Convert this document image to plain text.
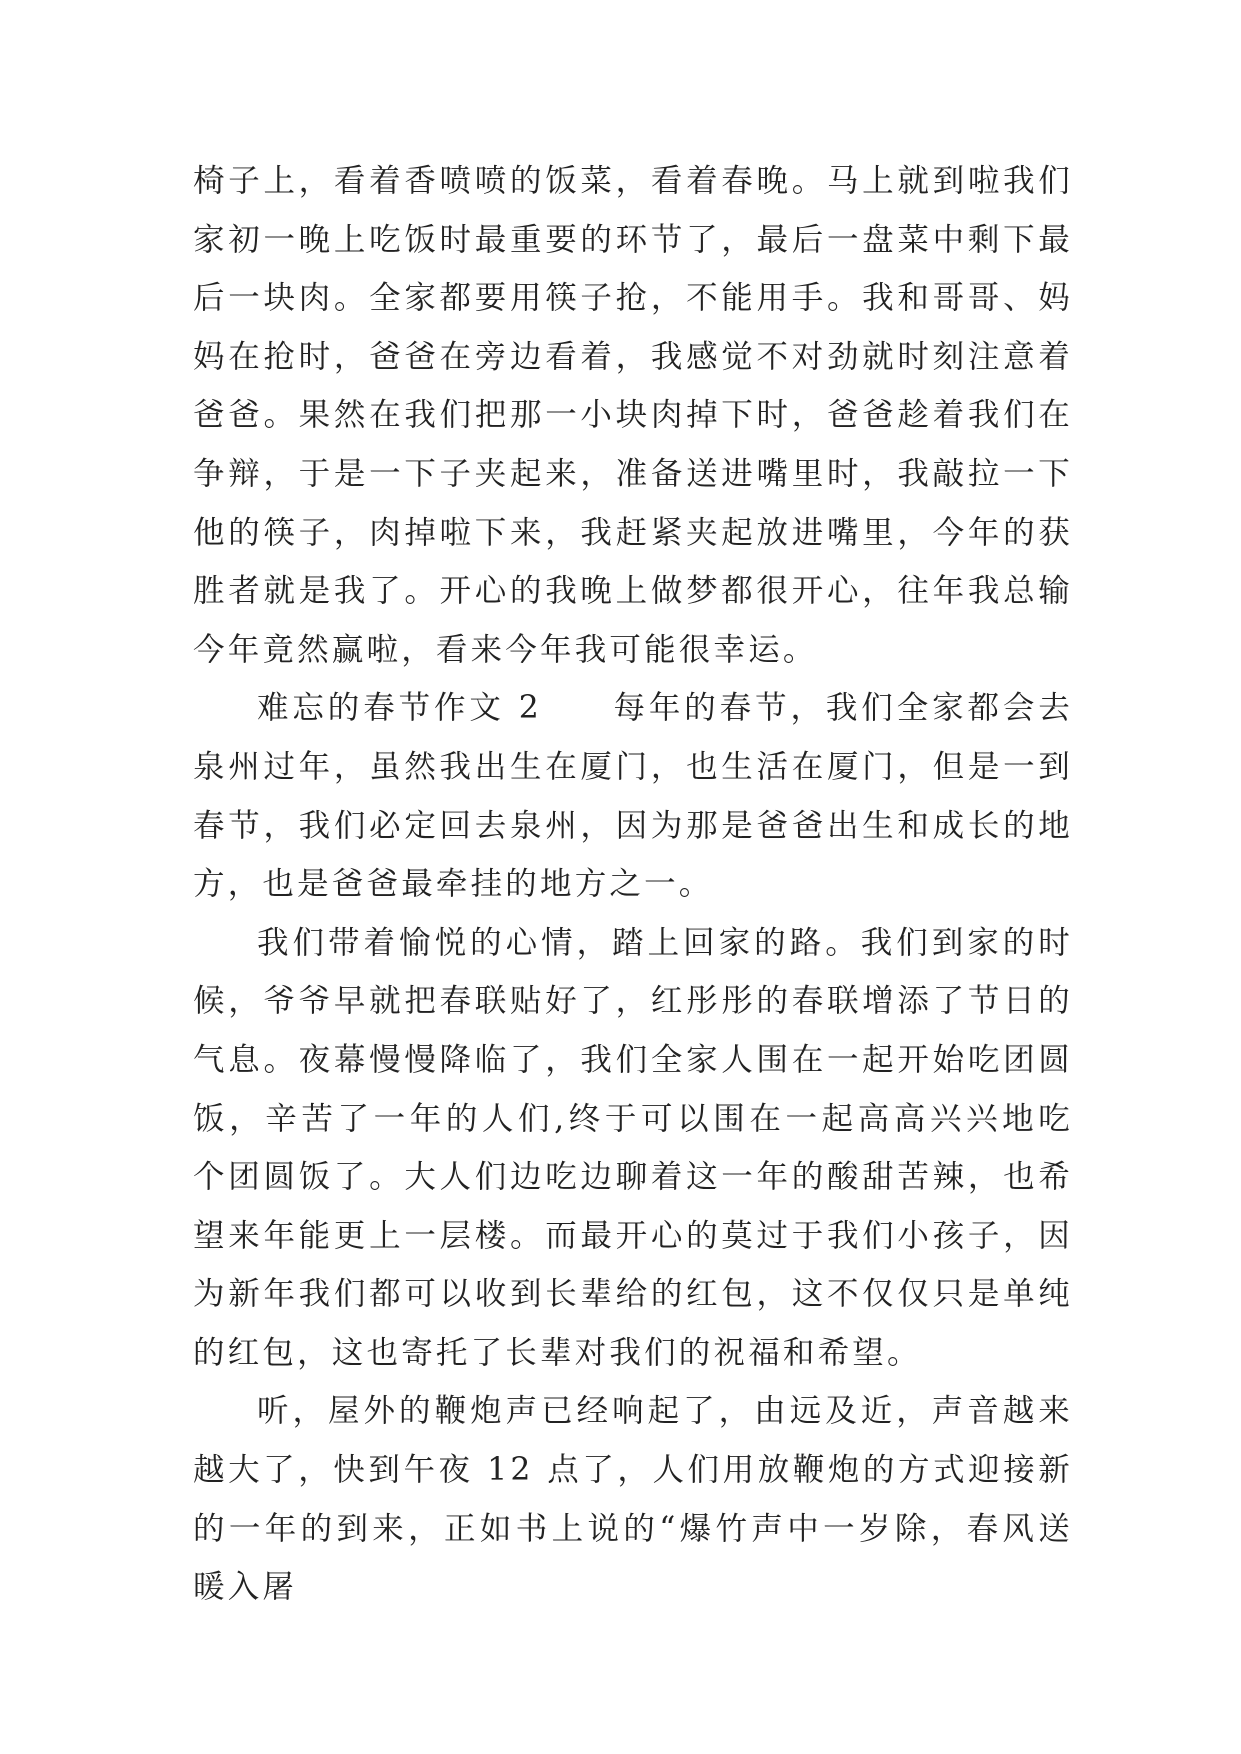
椅子上，看着香喷喷的饭菜，看着春晚。马上就到啦我们家初一晚上吃饭时最重要的环节了，最后一盘菜中剩下最后一块肉。全家都要用筷子抢，不能用手。我和哥哥、妈妈在抢时，爸爸在旁边看着，我感觉不对劲就时刻注意着爸爸。果然在我们把那一小块肉掉下时，爸爸趁着我们在争辩，于是一下子夹起来，准备送进嘴里时，我敲拉一下他的筷子，肉掉啦下来，我赶紧夹起放进嘴里，今年的获胜者就是我了。开心的我晚上做梦都很开心，往年我总输今年竟然赢啦，看来今年我可能很幸运。

难忘的春节作文 2　　每年的春节，我们全家都会去泉州过年，虽然我出生在厦门，也生活在厦门，但是一到春节，我们必定回去泉州，因为那是爸爸出生和成长的地方，也是爸爸最牵挂的地方之一。

我们带着愉悦的心情，踏上回家的路。我们到家的时候，爷爷早就把春联贴好了，红彤彤的春联增添了节日的气息。夜幕慢慢降临了，我们全家人围在一起开始吃团圆饭，辛苦了一年的人们,终于可以围在一起高高兴兴地吃个团圆饭了。大人们边吃边聊着这一年的酸甜苦辣，也希望来年能更上一层楼。而最开心的莫过于我们小孩子，因为新年我们都可以收到长辈给的红包，这不仅仅只是单纯的红包，这也寄托了长辈对我们的祝福和希望。

听，屋外的鞭炮声已经响起了，由远及近，声音越来越大了，快到午夜 12 点了，人们用放鞭炮的方式迎接新的一年的到来，正如书上说的“爆竹声中一岁除，春风送暖入屠
